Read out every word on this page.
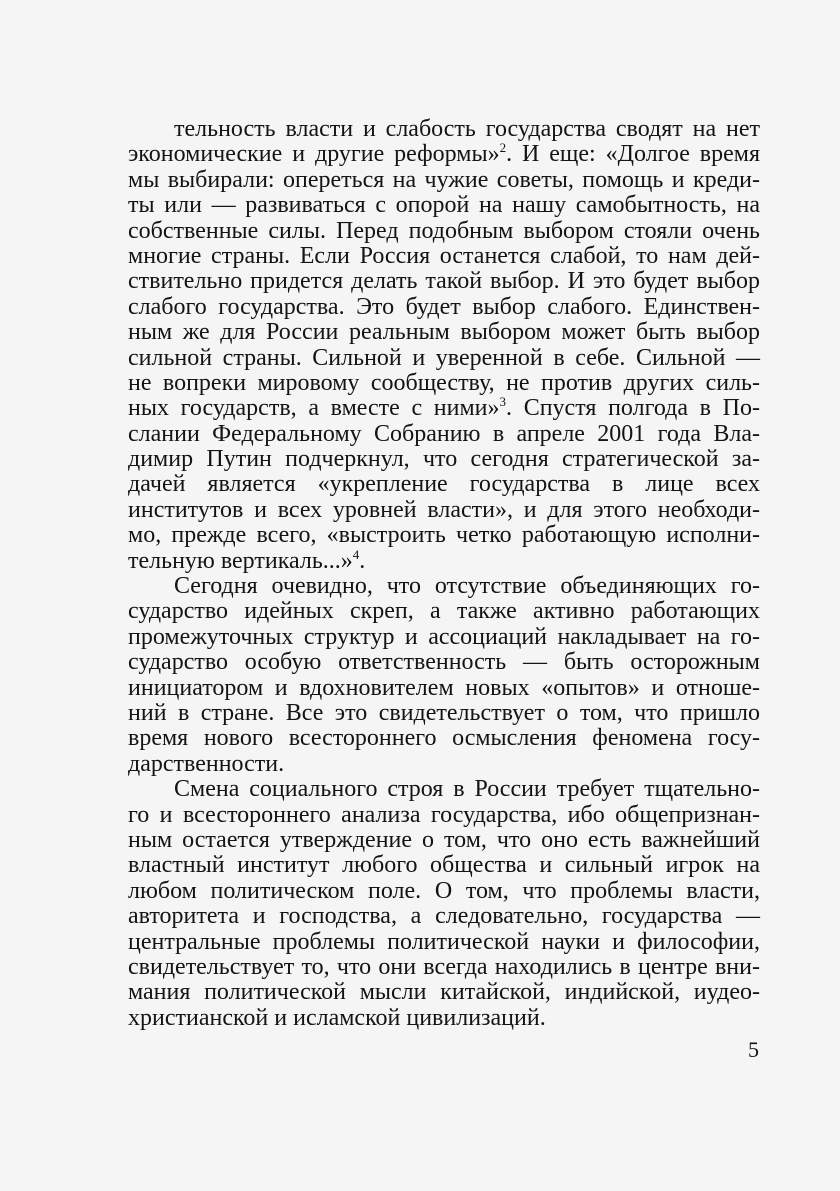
тельность власти и слабость государства сводят на нет
экономические и другие реформы»$^2$. И еще: «Долгое время
мы выбирали: опереться на чужие советы, помощь и креди-
ты или — развиваться с опорой на нашу самобытность, на
собственные силы. Перед подобным выбором стояли очень
многие страны. Если Россия останется слабой, то нам дей-
ствительно придется делать такой выбор. И это будет выбор
слабого государства. Это будет выбор слабого. Единствен-
ным же для России реальным выбором может быть выбор
сильной страны. Сильной и уверенной в себе. Сильной —
не вопреки мировому сообществу, не против других силь-
ных государств, а вместе с ними»$^3$. Спустя полгода в По-
слании Федеральному Собранию в апреле 2001 года Вла-
димир Путин подчеркнул, что сегодня стратегической за-
дачей является «укрепление государства в лице всех
институтов и всех уровней власти», и для этого необходи-
мо, прежде всего, «выстроить четко работающую исполни-
тельную вертикаль...»$^4$.
Сегодня очевидно, что отсутствие объединяющих го-
сударство идейных скреп, а также активно работающих
промежуточных структур и ассоциаций накладывает на го-
сударство особую ответственность — быть осторожным
инициатором и вдохновителем новых «опытов» и отноше-
ний в стране. Все это свидетельствует о том, что пришло
время нового всестороннего осмысления феномена госу-
дарственности.
Смена социального строя в России требует тщательно-
го и всестороннего анализа государства, ибо общепризнан-
ным остается утверждение о том, что оно есть важнейший
властный институт любого общества и сильный игрок на
любом политическом поле. О том, что проблемы власти,
авторитета и господства, а следовательно, государства —
центральные проблемы политической науки и философии,
свидетельствует то, что они всегда находились в центре вни-
мания политической мысли китайской, индийской, иудео-
христианской и исламской цивилизаций.
5
